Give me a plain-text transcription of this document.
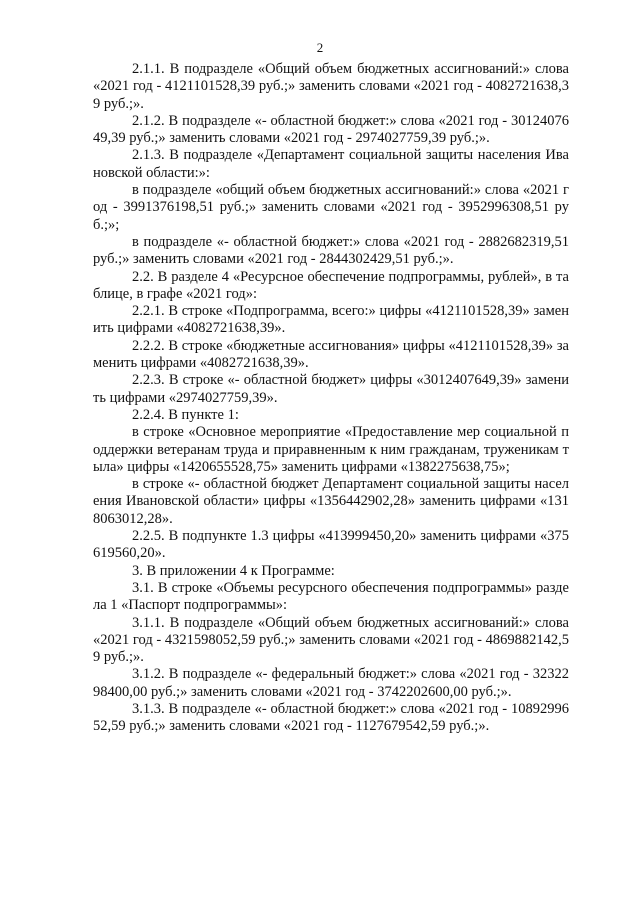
2

2.1.1. В подразделе «Общий объем бюджетных ассигнований:» слова «2021 год - 4121101528,39 руб.;» заменить словами «2021 год - 4082721638,39 руб.;».

2.1.2. В подразделе «- областной бюджет:» слова «2021 год - 3012407649,39 руб.;» заменить словами «2021 год - 2974027759,39 руб.;».

2.1.3. В подразделе «Департамент социальной защиты населения Ивановской области:»:

в подразделе «общий объем бюджетных ассигнований:» слова «2021 год - 3991376198,51 руб.;» заменить словами «2021 год - 3952996308,51 руб.;»;

в подразделе «- областной бюджет:» слова «2021 год - 2882682319,51 руб.;» заменить словами «2021 год - 2844302429,51 руб.;».

2.2. В разделе 4 «Ресурсное обеспечение подпрограммы, рублей», в таблице, в графе «2021 год»:

2.2.1. В строке «Подпрограмма, всего:» цифры «4121101528,39» заменить цифрами «4082721638,39».

2.2.2. В строке «бюджетные ассигнования» цифры «4121101528,39» заменить цифрами «4082721638,39».

2.2.3. В строке «- областной бюджет» цифры «3012407649,39» заменить цифрами «2974027759,39».

2.2.4. В пункте 1:

в строке «Основное мероприятие «Предоставление мер социальной поддержки ветеранам труда и приравненным к ним гражданам, труженикам тыла» цифры «1420655528,75» заменить цифрами «1382275638,75»;

в строке «- областной бюджет Департамент социальной защиты населения Ивановской области» цифры «1356442902,28» заменить цифрами «1318063012,28».

2.2.5. В подпункте 1.3 цифры «413999450,20» заменить цифрами «375619560,20».

3. В приложении 4 к Программе:

3.1. В строке «Объемы ресурсного обеспечения подпрограммы» раздела 1 «Паспорт подпрограммы»:

3.1.1. В подразделе «Общий объем бюджетных ассигнований:» слова «2021 год - 4321598052,59 руб.;» заменить словами «2021 год - 4869882142,59 руб.;».

3.1.2. В подразделе «- федеральный бюджет:» слова «2021 год - 3232298400,00 руб.;» заменить словами «2021 год - 3742202600,00 руб.;».

3.1.3. В подразделе «- областной бюджет:» слова «2021 год - 1089299652,59 руб.;» заменить словами «2021 год - 1127679542,59 руб.;».
